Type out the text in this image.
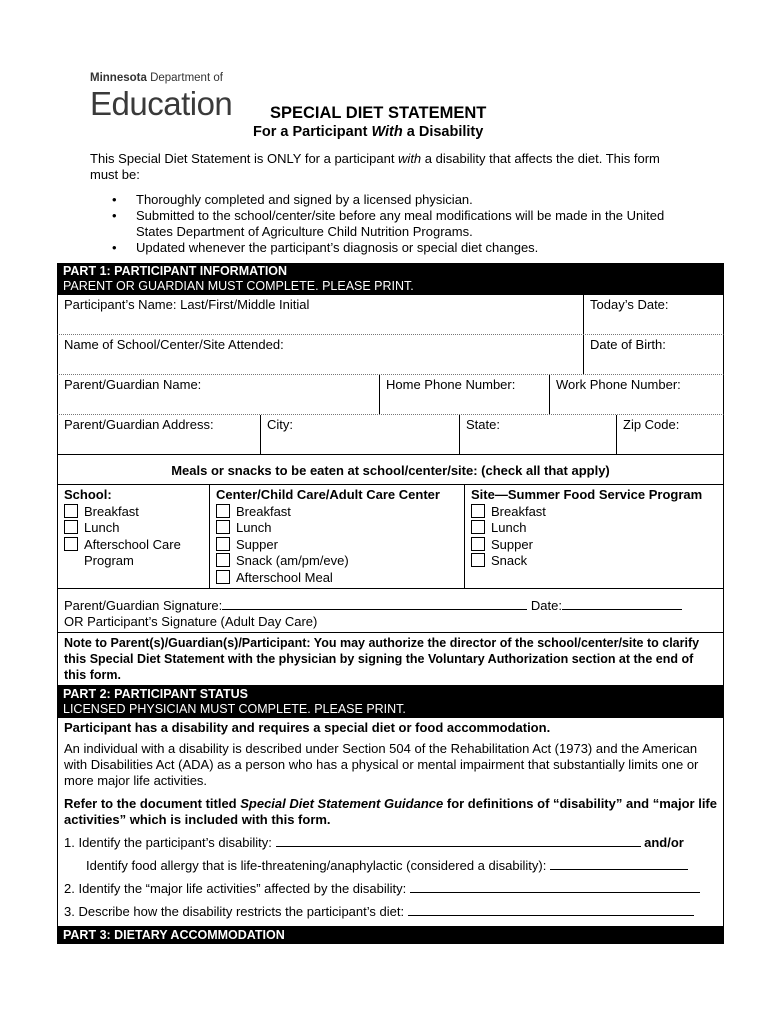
Minnesota Department of
Education SPECIAL DIET STATEMENT
For a Participant With a Disability
This Special Diet Statement is ONLY for a participant with a disability that affects the diet. This form must be:
• Thoroughly completed and signed by a licensed physician.
• Submitted to the school/center/site before any meal modifications will be made in the United States Department of Agriculture Child Nutrition Programs.
• Updated whenever the participant’s diagnosis or special diet changes.
PART 1: PARTICIPANT INFORMATION
PARENT OR GUARDIAN MUST COMPLETE. PLEASE PRINT.
Participant’s Name: Last/First/Middle Initial	Today’s Date:
Name of School/Center/Site Attended:	Date of Birth:
Parent/Guardian Name:	Home Phone Number:	Work Phone Number:
Parent/Guardian Address:	City:	State:	Zip Code:
Meals or snacks to be eaten at school/center/site: (check all that apply)
School:
Breakfast
Lunch
Afterschool Care
Program
Center/Child Care/Adult Care Center
Breakfast
Lunch
Supper
Snack (am/pm/eve)
Afterschool Meal
Site—Summer Food Service Program
Breakfast
Lunch
Supper
Snack
Parent/Guardian Signature:	Date:
OR Participant’s Signature (Adult Day Care)
Note to Parent(s)/Guardian(s)/Participant: You may authorize the director of the school/center/site to clarify this Special Diet Statement with the physician by signing the Voluntary Authorization section at the end of this form.
PART 2: PARTICIPANT STATUS
LICENSED PHYSICIAN MUST COMPLETE. PLEASE PRINT.

Participant has a disability and requires a special diet or food accommodation.

An individual with a disability is described under Section 504 of the Rehabilitation Act (1973) and the American with Disabilities Act (ADA) as a person who has a physical or mental impairment that substantially limits one or more major life activities.

Refer to the document titled Special Diet Statement Guidance for definitions of “disability” and “major life activities” which is included with this form.

1. Identify the participant’s disability:	and/or

Identify food allergy that is life-threatening/anaphylactic (considered a disability):

2. Identify the “major life activities” affected by the disability:

3. Describe how the disability restricts the participant’s diet:

PART 3: DIETARY ACCOMMODATION
